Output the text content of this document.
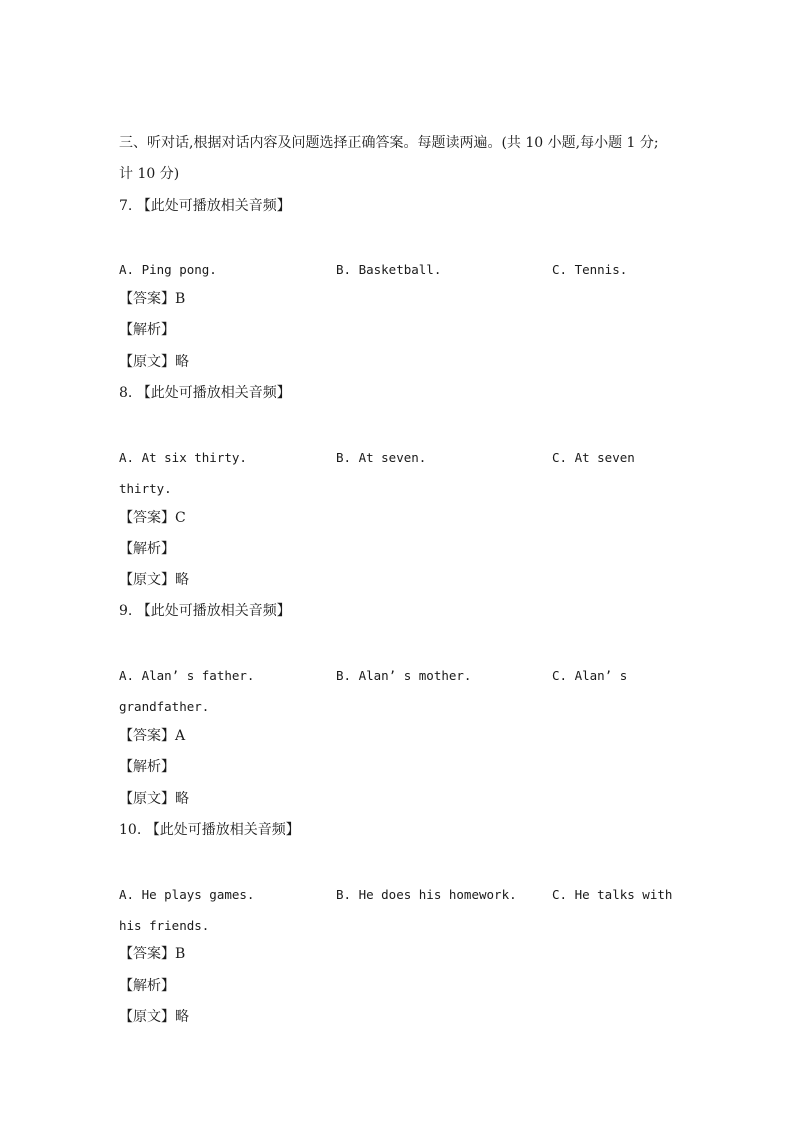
三、听对话,根据对话内容及问题选择正确答案。每题读两遍。(共 10 小题,每小题 1 分;
计 10 分)
7. 【此处可播放相关音频】
A. Ping pong.	B. Basketball.	C. Tennis.
【答案】B
【解析】
【原文】略
8. 【此处可播放相关音频】
A. At six thirty.	B. At seven.	C. At seven
thirty.
【答案】C
【解析】
【原文】略
9. 【此处可播放相关音频】
A. Alan’ s father.	B. Alan’ s mother.	C. Alan’ s
grandfather.
【答案】A
【解析】
【原文】略
10. 【此处可播放相关音频】
A. He plays games.	B. He does his homework.	C. He talks with
his friends.
【答案】B
【解析】
【原文】略
